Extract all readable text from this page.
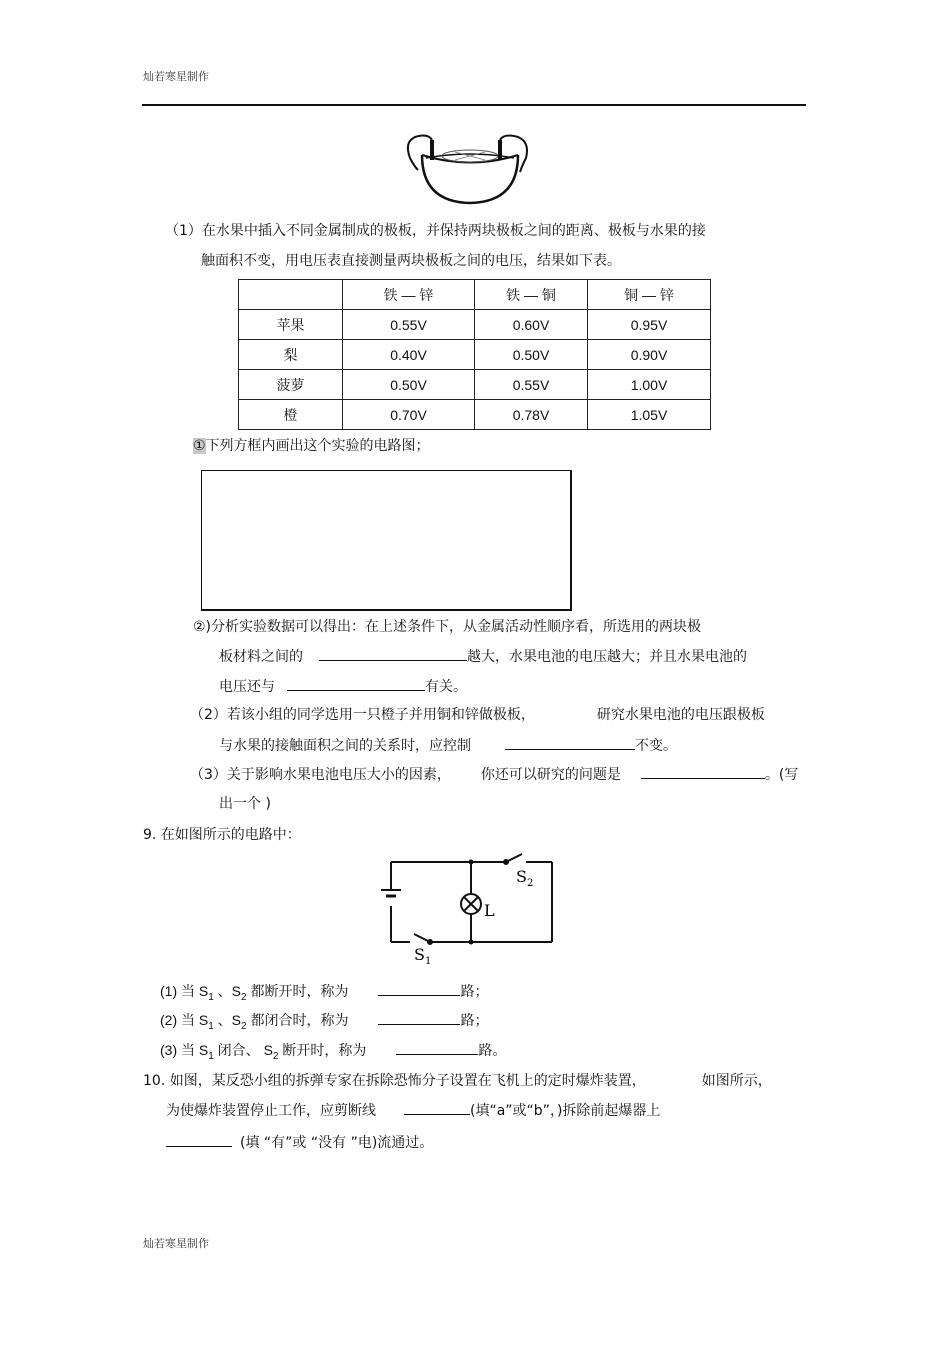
灿若寒星制作
（1）在水果中插入不同金属制成的极板，并保持两块极板之间的距离、极板与水果的接
触面积不变，用电压表直接测量两块极板之间的电压，结果如下表。
	铁 — 锌	铁 — 铜	铜 — 锌
苹果	0.55V	0.60V	0.95V
梨	0.40V	0.50V	0.90V
菠萝	0.50V	0.55V	1.00V
橙	0.70V	0.78V	1.05V
①下列方框内画出这个实验的电路图；
②)分析实验数据可以得出：在上述条件下，从金属活动性顺序看，所选用的两块极
板材料之间的	越大，水果电池的电压越大；并且水果电池的
电压还与	有关。
（2）若该小组的同学选用一只橙子并用铜和锌做极板，	研究水果电池的电压跟极板
与水果的接触面积之间的关系时，应控制	不变。
（3）关于影响水果电池电压大小的因素， 你还可以研究的问题是	。(写
出一个 )
9. 在如图所示的电路中：
$S_2$
L
$S_1$
(1) 当 $S_1$ 、$S_2$ 都断开时，称为	路；
(2) 当 $S_1$ 、$S_2$ 都闭合时，称为	路；
(3) 当 $S_1$ 闭合、 $S_2$ 断开时，称为	路。
10. 如图，某反恐小组的拆弹专家在拆除恐怖分子设置在飞机上的定时爆炸装置，	如图所示，
为使爆炸装置停止工作，应剪断线	(填“a”或“b”，)拆除前起爆器上
(填 “有”或 “没有 ”电)流通过。
灿若寒星制作
